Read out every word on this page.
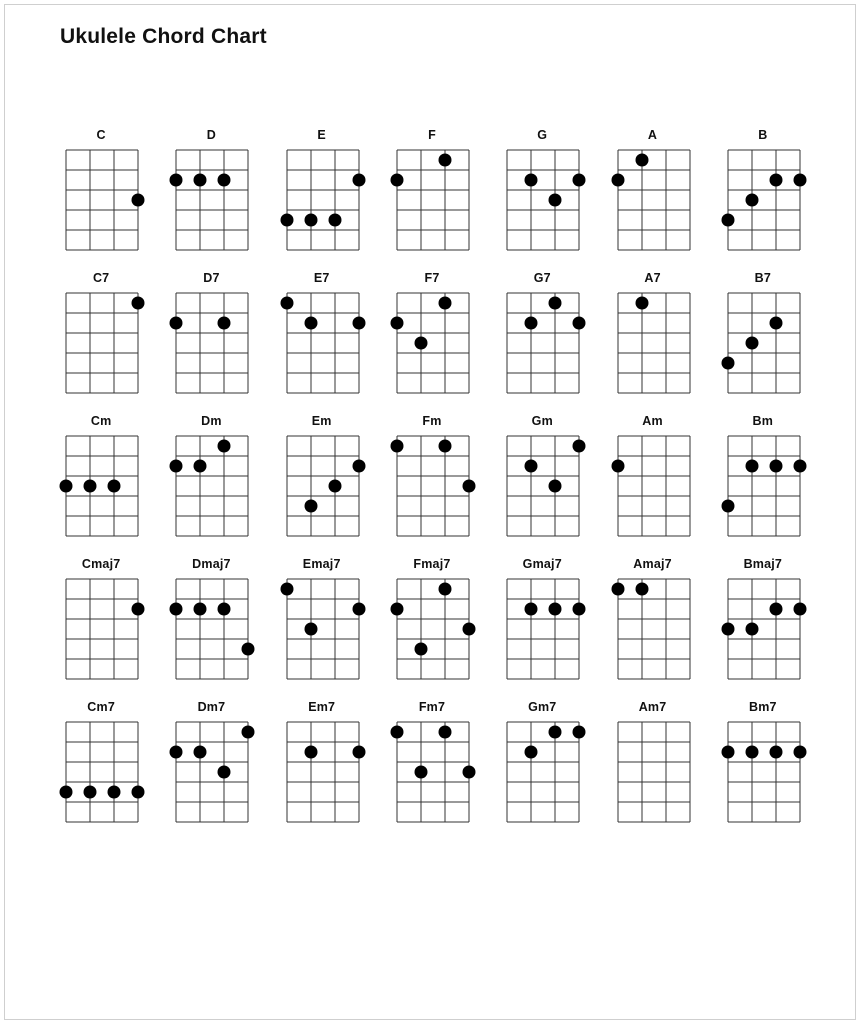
Ukulele Chord Chart
C	D	E	F	G	A	B
C7	D7	E7	F7	G7	A7	B7
Cm	Dm	Em	Fm	Gm	Am	Bm
Cmaj7	Dmaj7	Emaj7	Fmaj7	Gmaj7	Amaj7	Bmaj7
Cm7	Dm7	Em7	Fm7	Gm7	Am7	Bm7
